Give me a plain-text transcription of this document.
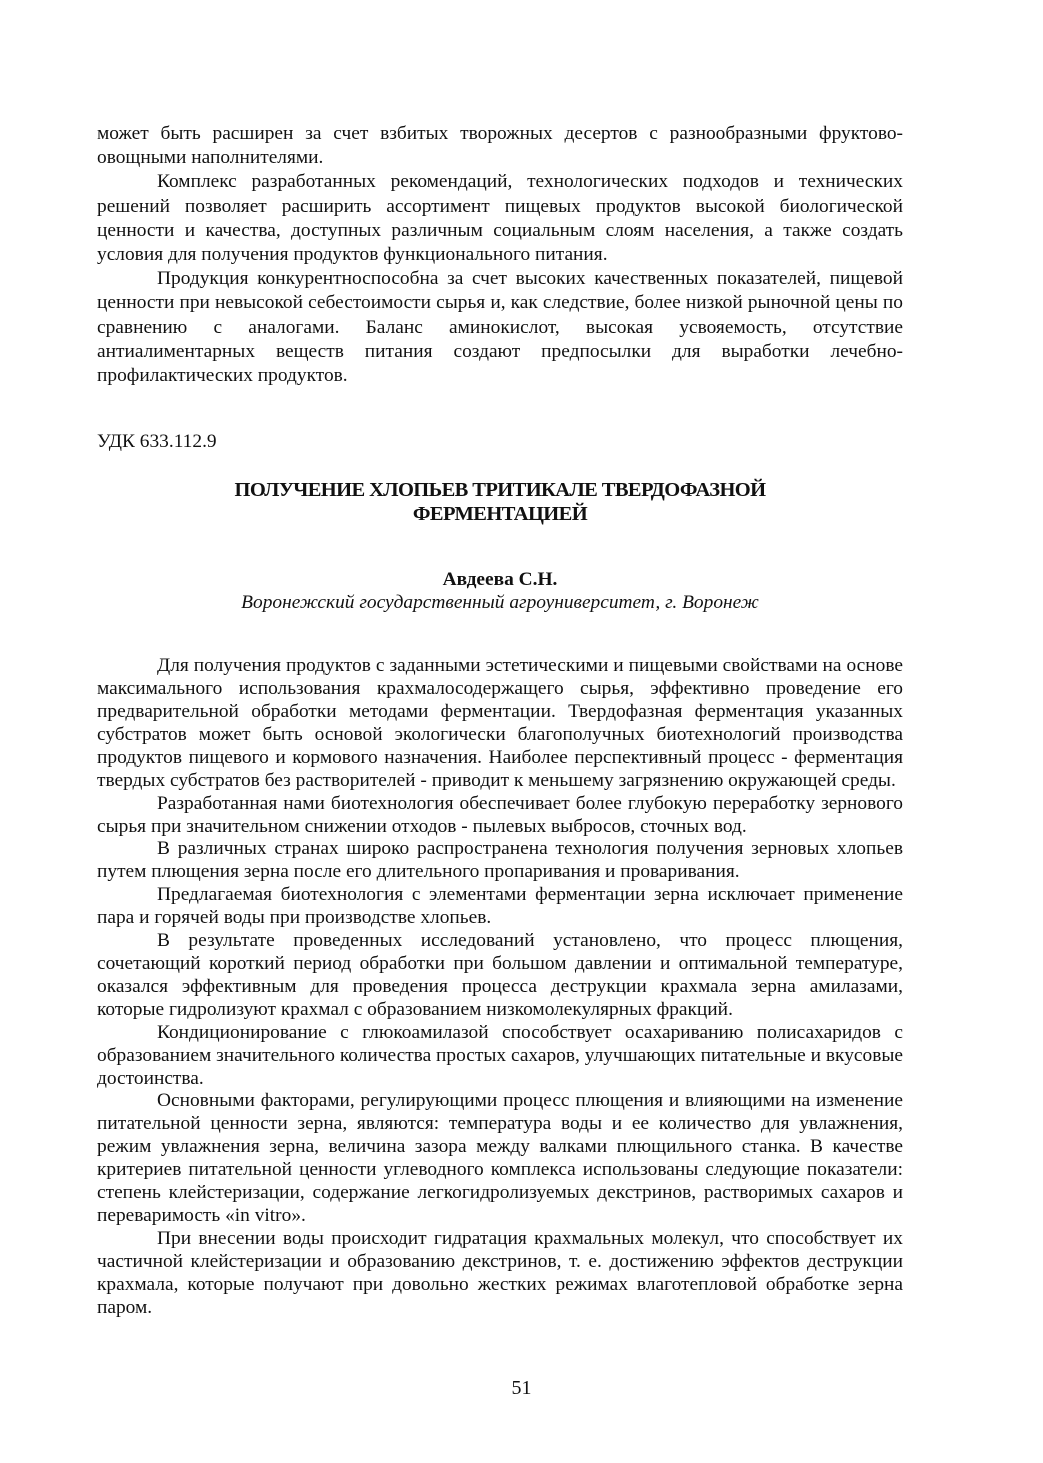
может быть расширен за счет взбитых творожных десертов с разнообразными фруктово-овощными наполнителями.

Комплекс разработанных рекомендаций, технологических подходов и технических решений позволяет расширить ассортимент пищевых продуктов высокой биологической ценности и качества, доступных различным социальным слоям населения, а также создать условия для получения продуктов функционального питания.

Продукция конкурентноспособна за счет высоких качественных показателей, пищевой ценности при невысокой себестоимости сырья и, как следствие, более низкой рыночной цены по сравнению с аналогами. Баланс аминокислот, высокая усвояемость, отсутствие антиалиментарных веществ питания создают предпосылки для выработки лечебно-профилактических продуктов.

УДК 633.112.9
ПОЛУЧЕНИЕ ХЛОПЬЕВ ТРИТИКАЛЕ ТВЕРДОФАЗНОЙ
ФЕРМЕНТАЦИЕЙ
Авдеева С.Н.
Воронежский государственный агроуниверситет, г. Воронеж

Для получения продуктов с заданными эстетическими и пищевыми свойствами на основе максимального использования крахмалосодержащего сырья, эффективно проведение его предварительной обработки методами ферментации. Твердофазная ферментация указанных субстратов может быть основой экологически благополучных биотехнологий производства продуктов пищевого и кормового назначения. Наиболее перспективный процесс - ферментация твердых субстратов без растворителей - приводит к меньшему загрязнению окружающей среды.

Разработанная нами биотехнология обеспечивает более глубокую переработку зернового сырья при значительном снижении отходов - пылевых выбросов, сточных вод.

В различных странах широко распространена технология получения зерновых хлопьев путем плющения зерна после его длительного пропаривания и проваривания.

Предлагаемая биотехнология с элементами ферментации зерна исключает применение пара и горячей воды при производстве хлопьев.

В результате проведенных исследований установлено, что процесс плющения, сочетающий короткий период обработки при большом давлении и оптимальной температуре, оказался эффективным для проведения процесса деструкции крахмала зерна амилазами, которые гидролизуют крахмал с образованием низкомолекулярных фракций.

Кондиционирование с глюкоамилазой способствует осахариванию полисахаридов с образованием значительного количества простых сахаров, улучшающих питательные и вкусовые достоинства.

Основными факторами, регулирующими процесс плющения и влияющими на изменение питательной ценности зерна, являются: температура воды и ее количество для увлажнения, режим увлажнения зерна, величина зазора между валками плющильного станка. В качестве критериев питательной ценности углеводного комплекса использованы следующие показатели: степень клейстеризации, содержание легкогидролизуемых декстринов, растворимых сахаров и переваримость «in vitro».

При внесении воды происходит гидратация крахмальных молекул, что способствует их частичной клейстеризации и образованию декстринов, т. е. достижению эффектов деструкции крахмала, которые получают при довольно жестких режимах влаготепловой обработке зерна паром.

51
